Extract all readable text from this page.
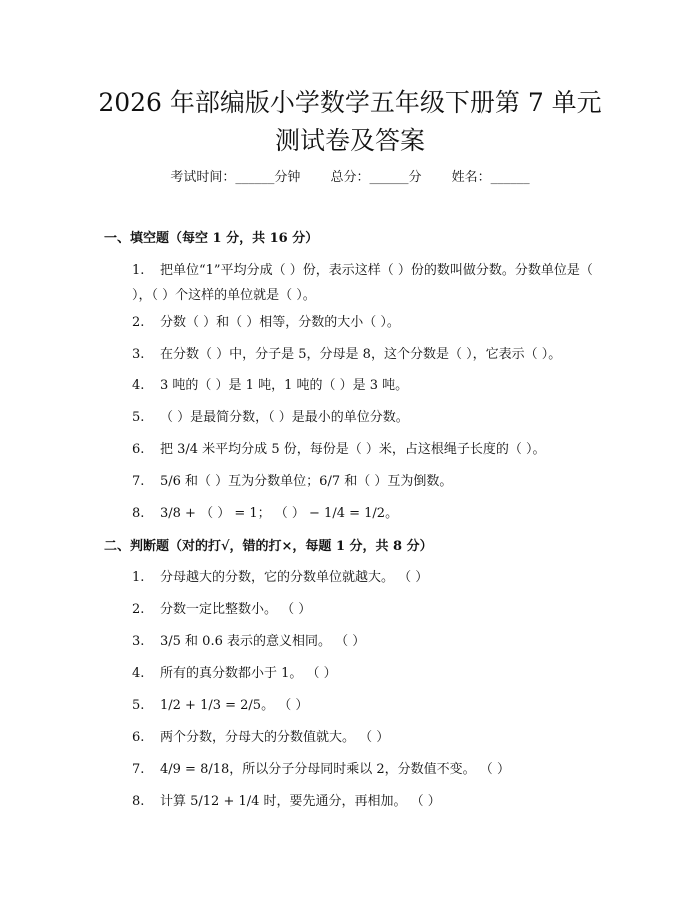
2026 年部编版小学数学五年级下册第 7 单元
测试卷及答案
考试时间：______分钟 总分：______分 姓名：______
一、填空题（每空 1 分，共 16 分）
1. 把单位“1”平均分成（ ）份，表示这样（ ）份的数叫做分数。分数单位是（ ），（ ）个这样的单位就是（ ）。
2. 分数（ ）和（ ）相等，分数的大小（ ）。
3. 在分数（ ）中，分子是 5，分母是 8，这个分数是（ ），它表示（ ）。
4. 3 吨的（ ）是 1 吨，1 吨的（ ）是 3 吨。
5. （ ）是最简分数，（ ）是最小的单位分数。
6. 把 3/4 米平均分成 5 份，每份是（ ）米，占这根绳子长度的（ ）。
7. 5/6 和（ ）互为分数单位；6/7 和（ ）互为倒数。
8. 3/8 + （ ） = 1； （ ） − 1/4 = 1/2。
二、判断题（对的打√，错的打×，每题 1 分，共 8 分）
1. 分母越大的分数，它的分数单位就越大。 （ ）
2. 分数一定比整数小。 （ ）
3. 3/5 和 0.6 表示的意义相同。 （ ）
4. 所有的真分数都小于 1。 （ ）
5. 1/2 + 1/3 = 2/5。 （ ）
6. 两个分数，分母大的分数值就大。 （ ）
7. 4/9 = 8/18，所以分子分母同时乘以 2，分数值不变。 （ ）
8. 计算 5/12 + 1/4 时，要先通分，再相加。 （ ）
